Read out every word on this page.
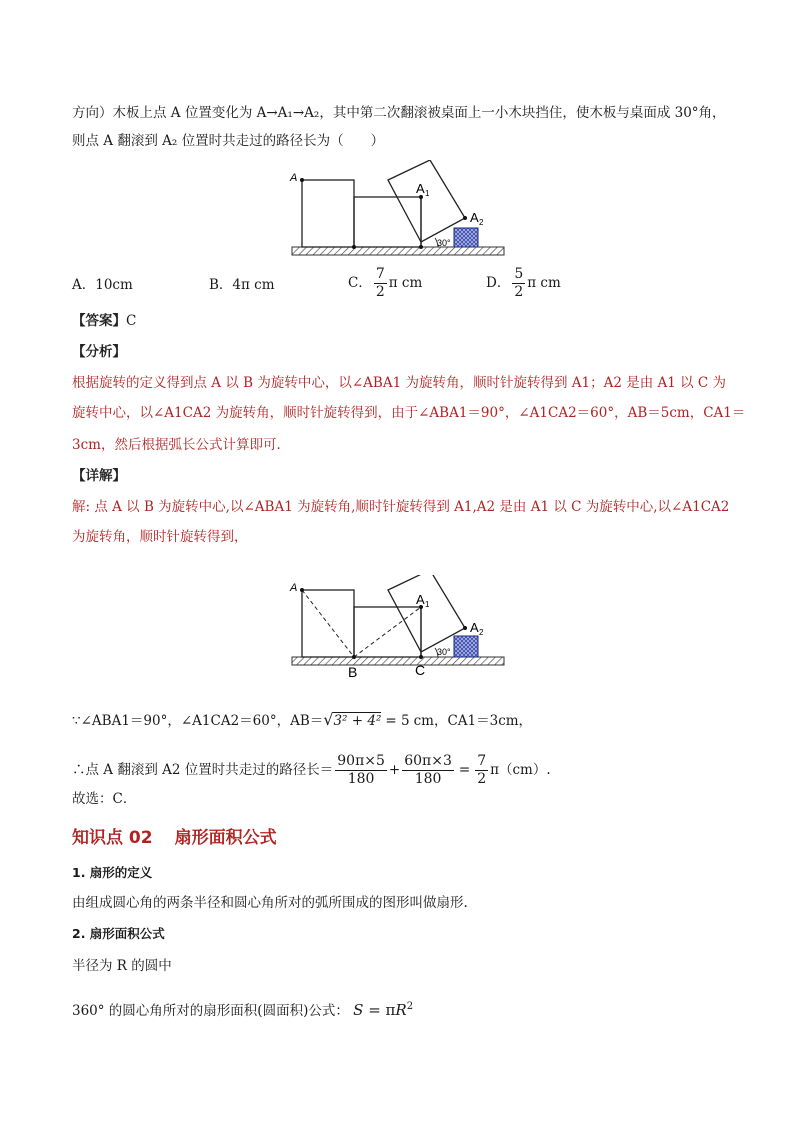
方向）木板上点 A 位置变化为 A→A₁→A₂，其中第二次翻滚被桌面上一小木块挡住，使木板与桌面成 30°角，
则点 A 翻滚到 A₂ 位置时共走过的路径长为（　　）
A
A 1
A 2
30°
A．10cm	B．4π cm	C． $\frac{7}{2}$ π cm	D． $\frac{5}{2}$ π cm
【答案】C
【分析】
根据旋转的定义得到点 A 以 B 为旋转中心，以∠ABA1 为旋转角，顺时针旋转得到 A1；A2 是由 A1 以 C 为
旋转中心，以∠A1CA2 为旋转角，顺时针旋转得到，由于∠ABA1＝90°，∠A1CA2＝60°，AB＝5cm，CA1＝
3cm，然后根据弧长公式计算即可．
【详解】
解: 点 A 以 B 为旋转中心,以∠ABA1 为旋转角,顺时针旋转得到 A1,A2 是由 A1 以 C 为旋转中心,以∠A1CA2
为旋转角，顺时针旋转得到，
A
A 1
A 2
30°
B	C
∵∠ABA1＝90°，∠A1CA2＝60°，AB＝√3² + 4² = 5 cm，CA1＝3cm，
∴点 A 翻滚到 A2 位置时共走过的路径长＝ $\frac{90\pi\times 5}{180} + \frac{60\pi\times 3}{180} = \frac{7}{2} \pi(cm)$.
故选：C．
知识点 02 扇形面积公式
1. 扇形的定义
由组成圆心角的两条半径和圆心角所对的弧所围成的图形叫做扇形.
2. 扇形面积公式
半径为 R 的圆中
360° 的圆心角所对的扇形面积(圆面积)公式： $S = \pi R^2$
